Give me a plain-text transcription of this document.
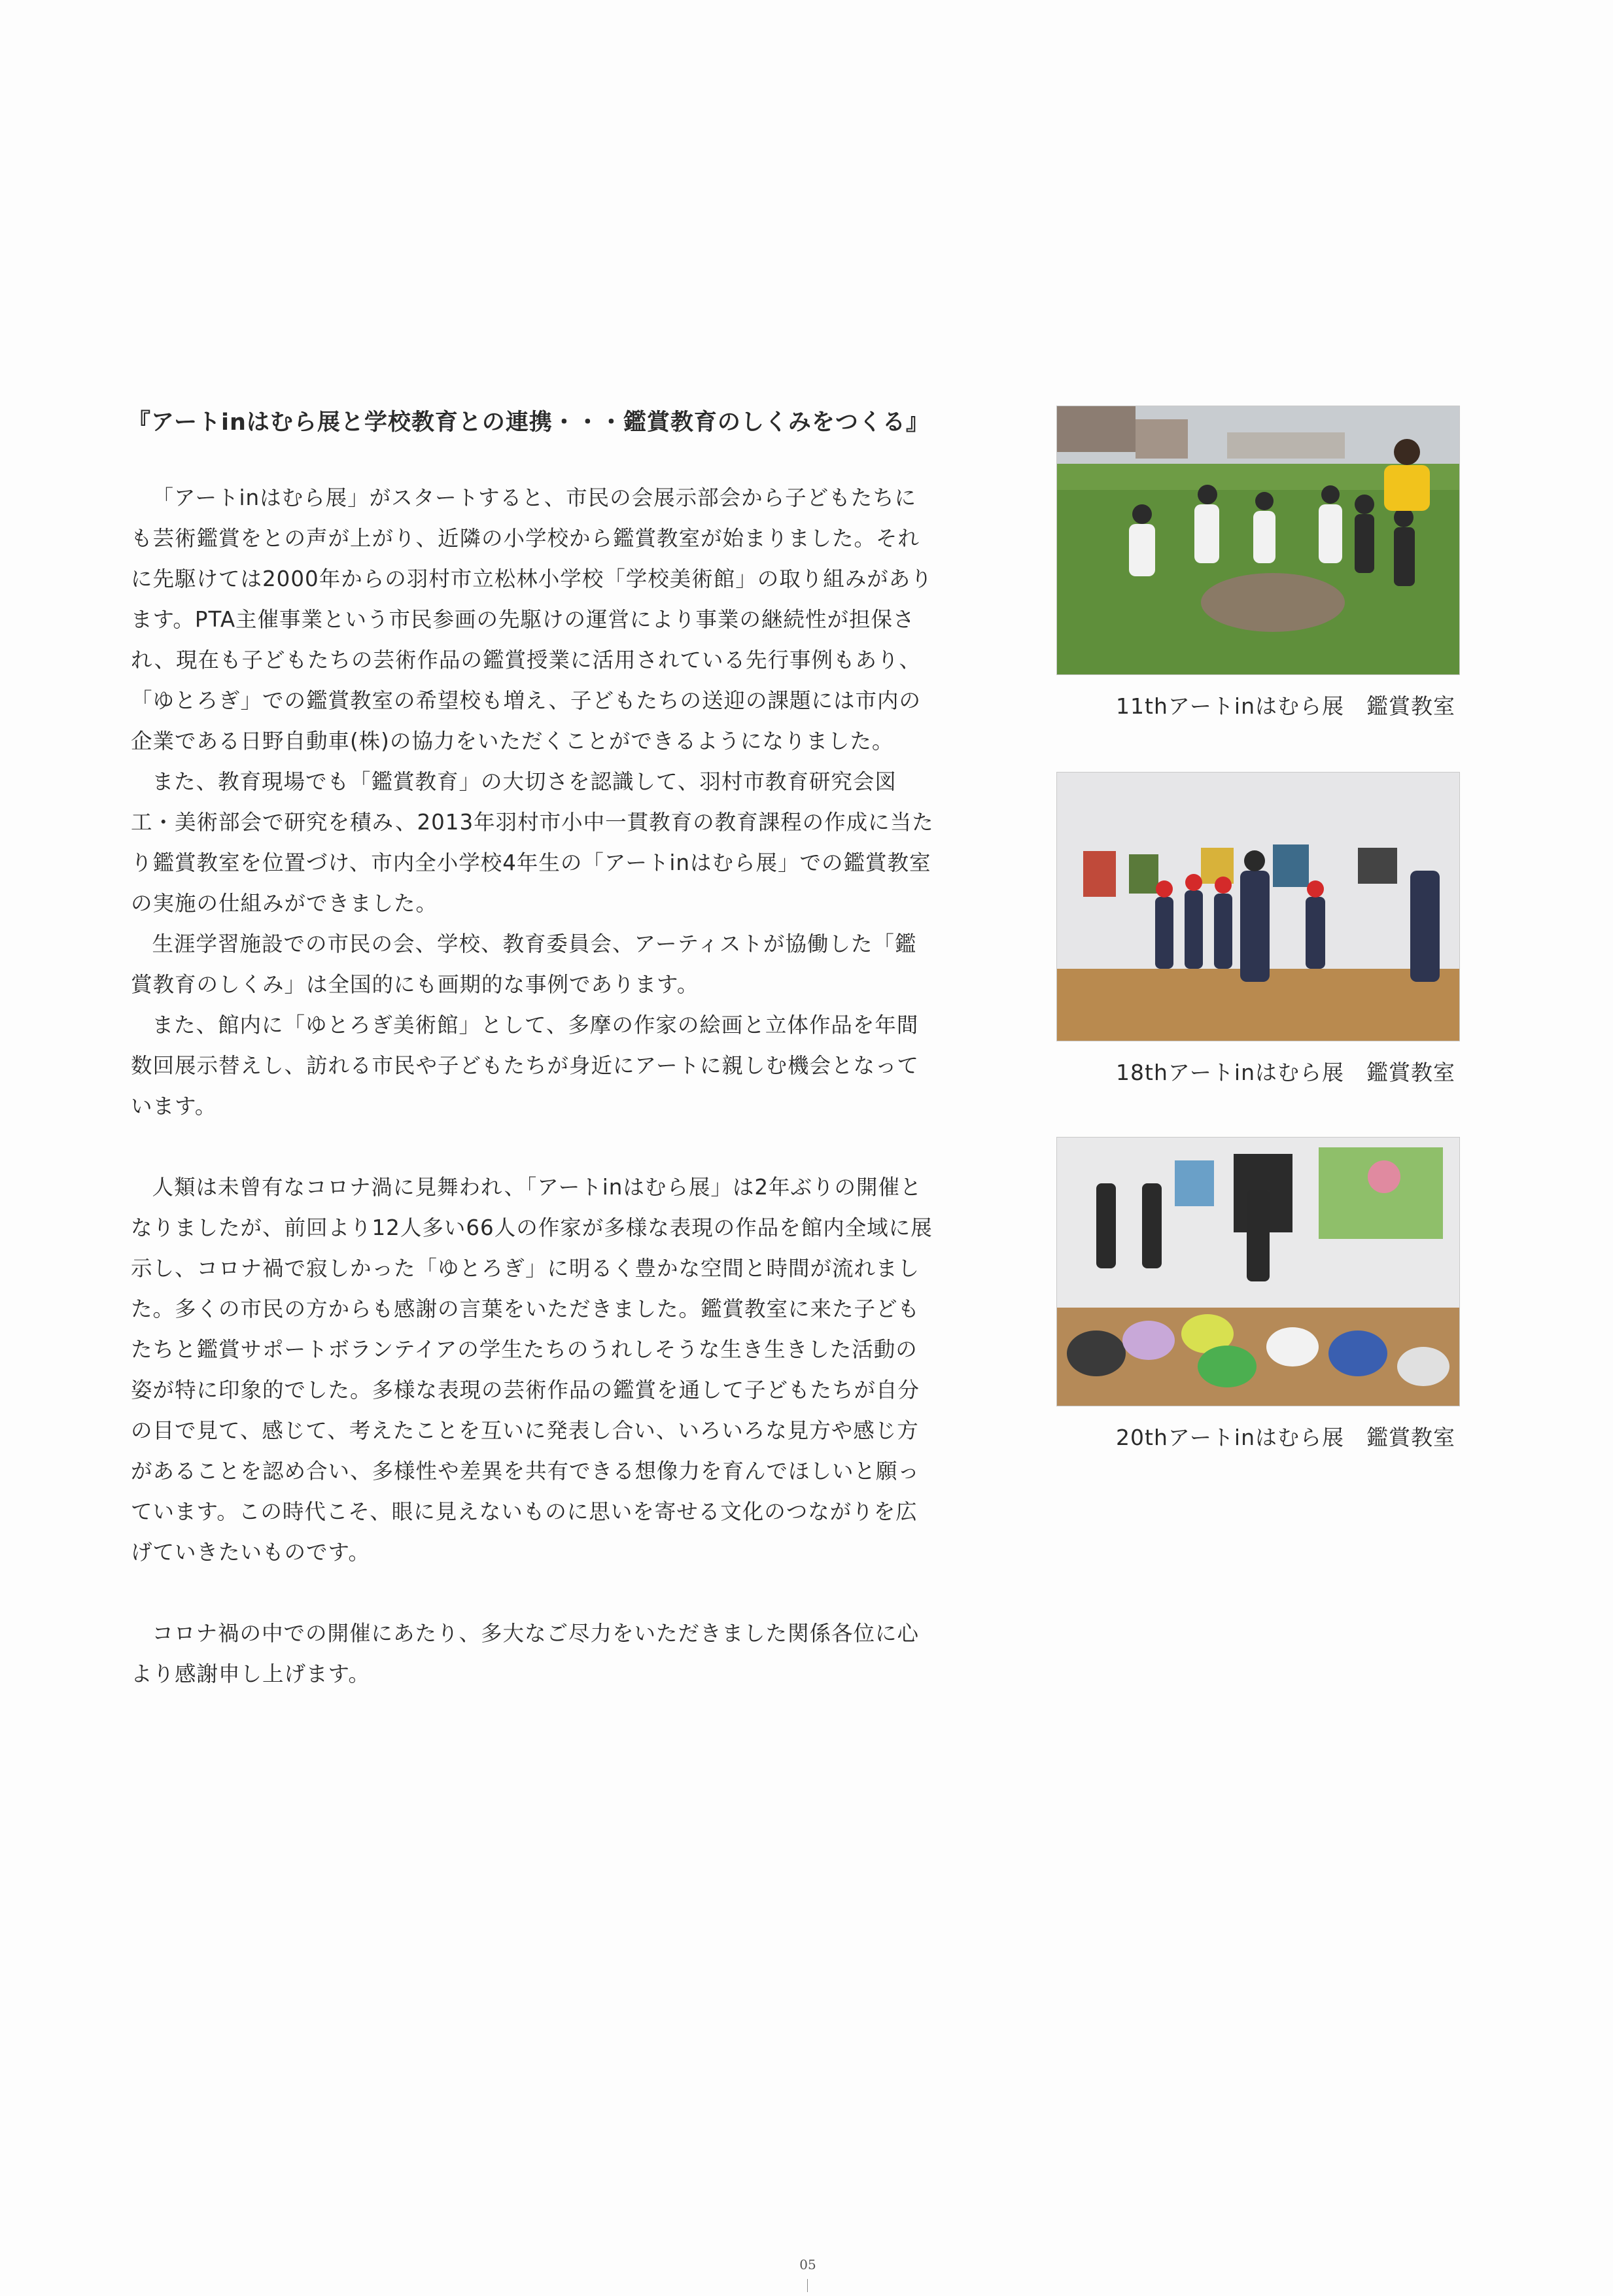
『アートinはむら展と学校教育との連携・・・鑑賞教育のしくみをつくる』

「アートinはむら展」がスタートすると、市民の会展示部会から子どもたちにも芸術鑑賞をとの声が上がり、近隣の小学校から鑑賞教室が始まりました。それに先駆けては2000年からの羽村市立松林小学校「学校美術館」の取り組みがあります。PTA主催事業という市民参画の先駆けの運営により事業の継続性が担保され、現在も子どもたちの芸術作品の鑑賞授業に活用されている先行事例もあり、「ゆとろぎ」での鑑賞教室の希望校も増え、子どもたちの送迎の課題には市内の企業である日野自動車(株)の協力をいただくことができるようになりました。

また、教育現場でも「鑑賞教育」の大切さを認識して、羽村市教育研究会図工・美術部会で研究を積み、2013年羽村市小中一貫教育の教育課程の作成に当たり鑑賞教室を位置づけ、市内全小学校4年生の「アートinはむら展」での鑑賞教室の実施の仕組みができました。

生涯学習施設での市民の会、学校、教育委員会、アーティストが協働した「鑑賞教育のしくみ」は全国的にも画期的な事例であります。

また、館内に「ゆとろぎ美術館」として、多摩の作家の絵画と立体作品を年間数回展示替えし、訪れる市民や子どもたちが身近にアートに親しむ機会となっています。

人類は未曾有なコロナ渦に見舞われ、「アートinはむら展」は2年ぶりの開催となりましたが、前回より12人多い66人の作家が多様な表現の作品を館内全域に展示し、コロナ禍で寂しかった「ゆとろぎ」に明るく豊かな空間と時間が流れました。多くの市民の方からも感謝の言葉をいただきました。鑑賞教室に来た子どもたちと鑑賞サポートボランテイアの学生たちのうれしそうな生き生きした活動の姿が特に印象的でした。多様な表現の芸術作品の鑑賞を通して子どもたちが自分の目で見て、感じて、考えたことを互いに発表し合い、いろいろな見方や感じ方があることを認め合い、多様性や差異を共有できる想像力を育んでほしいと願っています。この時代こそ、眼に見えないものに思いを寄せる文化のつながりを広げていきたいものです。

コロナ禍の中での開催にあたり、多大なご尽力をいただきました関係各位に心より感謝申し上げます。

11thアートinはむら展　鑑賞教室
18thアートinはむら展　鑑賞教室
20thアートinはむら展　鑑賞教室
05
